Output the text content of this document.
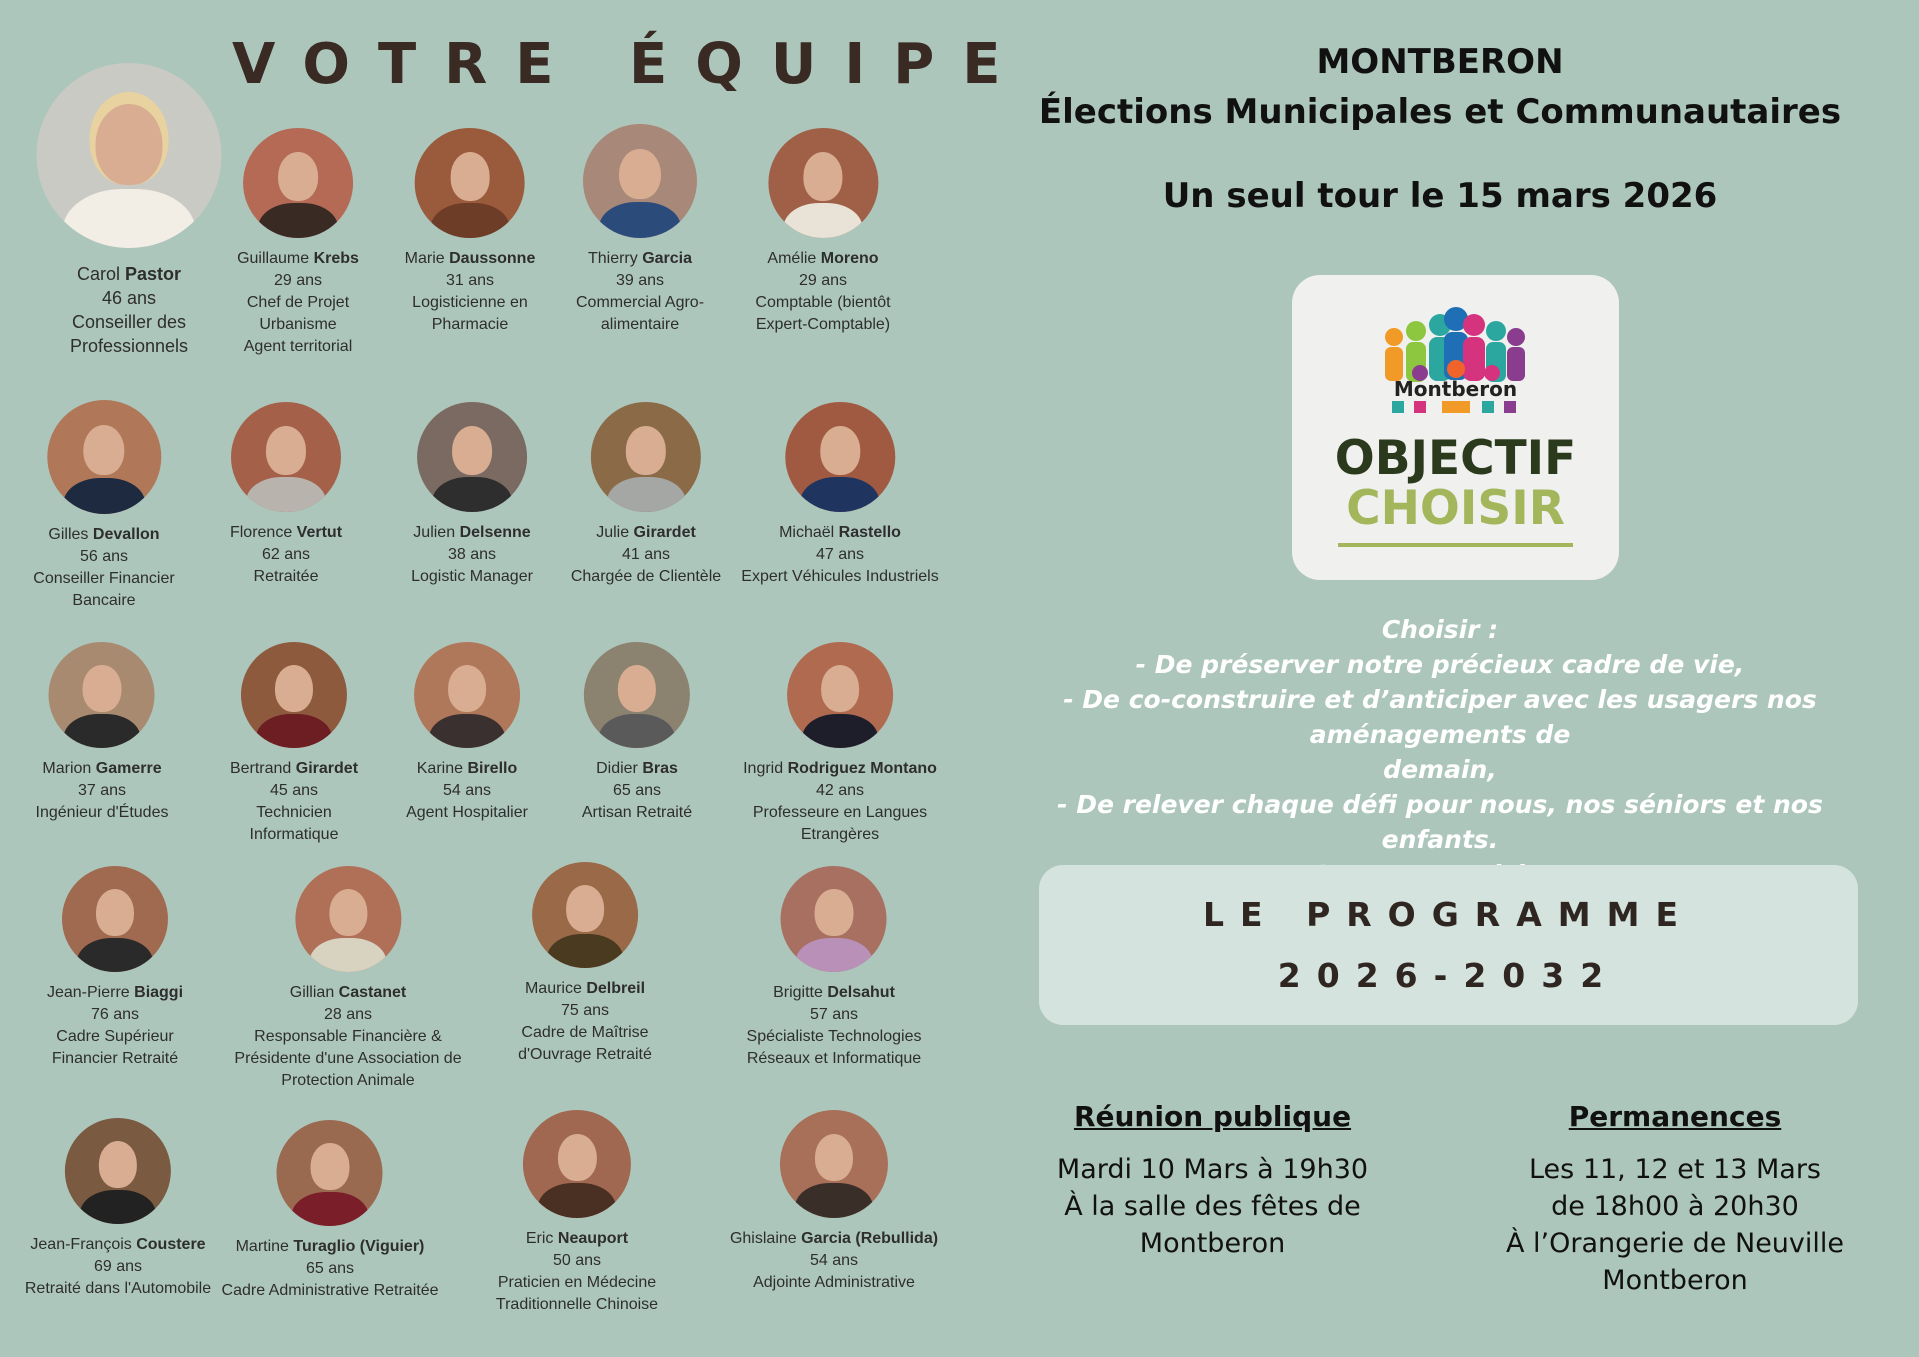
VOTRE ÉQUIPE
Carol Pastor
46 ans
Conseiller des
Professionnels
Guillaume Krebs
29 ans
Chef de Projet
Urbanisme
Agent territorial
Marie Daussonne
31 ans
Logisticienne en
Pharmacie
Thierry Garcia
39 ans
Commercial Agro-
alimentaire
Amélie Moreno
29 ans
Comptable (bientôt
Expert-Comptable)
Gilles Devallon
56 ans
Conseiller Financier
Bancaire
Florence Vertut
62 ans
Retraitée
Julien Delsenne
38 ans
Logistic Manager
Julie Girardet
41 ans
Chargée de Clientèle
Michaël Rastello
47 ans
Expert Véhicules Industriels
Marion Gamerre
37 ans
Ingénieur d'Études
Bertrand Girardet
45 ans
Technicien
Informatique
Karine Birello
54 ans
Agent Hospitalier
Didier Bras
65 ans
Artisan Retraité
Ingrid Rodriguez Montano
42 ans
Professeure en Langues
Etrangères
Jean-Pierre Biaggi
76 ans
Cadre Supérieur
Financier Retraité
Gillian Castanet
28 ans
Responsable Financière &
Présidente d'une Association de
Protection Animale
Maurice Delbreil
75 ans
Cadre de Maîtrise
d'Ouvrage Retraité
Brigitte Delsahut
57 ans
Spécialiste Technologies
Réseaux et Informatique
Jean-François Coustere
69 ans
Retraité dans l'Automobile
Martine Turaglio (Viguier)
65 ans
Cadre Administrative Retraitée
Eric Neauport
50 ans
Praticien en Médecine
Traditionnelle Chinoise
Ghislaine Garcia (Rebullida)
54 ans
Adjointe Administrative
MONTBERON
Élections Municipales et Communautaires
Un seul tour le 15 mars 2026
Montberon
OBJECTIF
CHOISIR
Choisir :
- De préserver notre précieux cadre de vie,
- De co-construire et d’anticiper avec les usagers nos aménagements de
demain,
- De relever chaque défi pour nous, nos séniors et nos enfants.
LE PROGRAMME
2026-2032
Réunion publique
Mardi 10 Mars à 19h30
À la salle des fêtes de Montberon
Permanences
Les 11, 12 et 13 Mars
de 18h00 à 20h30
À l’Orangerie de Neuville
Montberon
